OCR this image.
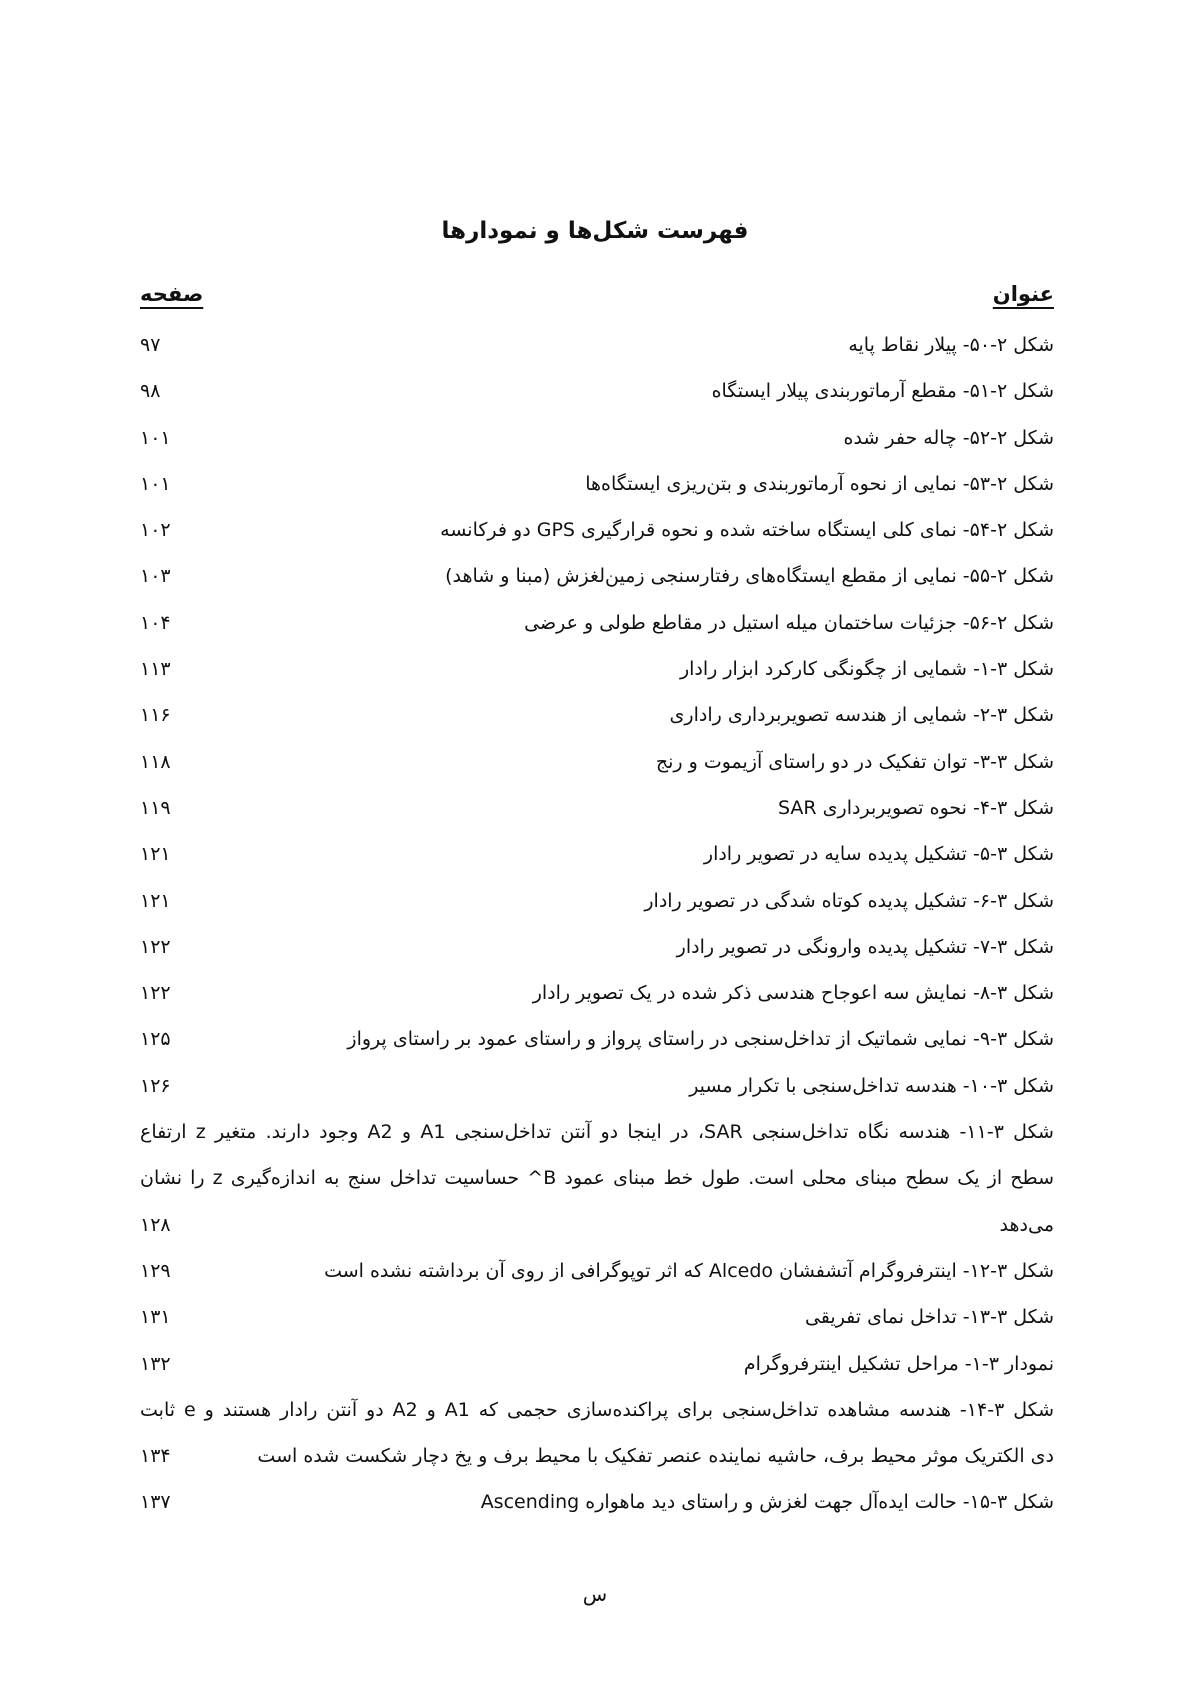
فهرست شکل‌ها و نمودارها
عنوان
صفحه
شکل ۲-۵۰- پیلار نقاط پایه
۹۷
شکل ۲-۵۱- مقطع آرماتوربندی پیلار ایستگاه
۹۸
شکل ۲-۵۲- چاله حفر شده
۱۰۱
شکل ۲-۵۳- نمایی از نحوه آرماتوربندی و بتن‌ریزی ایستگاه‌ها
۱۰۱
شکل ۲-۵۴- نمای کلی ایستگاه ساخته شده و نحوه قرارگیری GPS دو فرکانسه
۱۰۲
شکل ۲-۵۵- نمایی از مقطع ایستگاه‌های رفتارسنجی زمین‌لغزش (مبنا و شاهد)
۱۰۳
شکل ۲-۵۶- جزئیات ساختمان میله استیل در مقاطع طولی و عرضی
۱۰۴
شکل ۳-۱- شمایی از چگونگی کارکرد ابزار رادار
۱۱۳
شکل ۳-۲- شمایی از هندسه تصویربرداری راداری
۱۱۶
شکل ۳-۳- توان تفکیک در دو راستای آزیموت و رنج
۱۱۸
شکل ۳-۴- نحوه تصویربرداری SAR
۱۱۹
شکل ۳-۵- تشکیل پدیده سایه در تصویر رادار
۱۲۱
شکل ۳-۶- تشکیل پدیده کوتاه شدگی در تصویر رادار
۱۲۱
شکل ۳-۷- تشکیل پدیده وارونگی در تصویر رادار
۱۲۲
شکل ۳-۸- نمایش سه اعوجاح هندسی ذکر شده در یک تصویر رادار
۱۲۲
شکل ۳-۹- نمایی شماتیک از تداخل‌سنجی در راستای پرواز و راستای عمود بر راستای پرواز
۱۲۵
شکل ۳-۱۰- هندسه تداخل‌سنجی با تکرار مسیر
۱۲۶
شکل ۳-۱۱- هندسه نگاه تداخل‌سنجی SAR، در اینجا دو آنتن تداخل‌سنجی A1 و A2 وجود دارند. متغیر z ارتفاع
سطح از یک سطح مبنای محلی است. طول خط مبنای عمود B^ حساسیت تداخل سنج به اندازه‌گیری z را نشان
می‌دهد
۱۲۸
شکل ۳-۱۲- اینترفروگرام آتشفشان Alcedo که اثر توپوگرافی از روی آن برداشته نشده است
۱۲۹
شکل ۳-۱۳- تداخل نمای تفریقی
۱۳۱
نمودار ۳-۱- مراحل تشکیل اینترفروگرام
۱۳۲
شکل ۳-۱۴- هندسه مشاهده تداخل‌سنجی برای پراکنده‌سازی حجمی که A1 و A2 دو آنتن رادار هستند و e ثابت
دی الکتریک موثر محیط برف، حاشیه نماینده عنصر تفکیک با محیط برف و یخ دچار شکست شده است
۱۳۴
شکل ۳-۱۵- حالت ایده‌آل جهت لغزش و راستای دید ماهواره Ascending
۱۳۷
س
